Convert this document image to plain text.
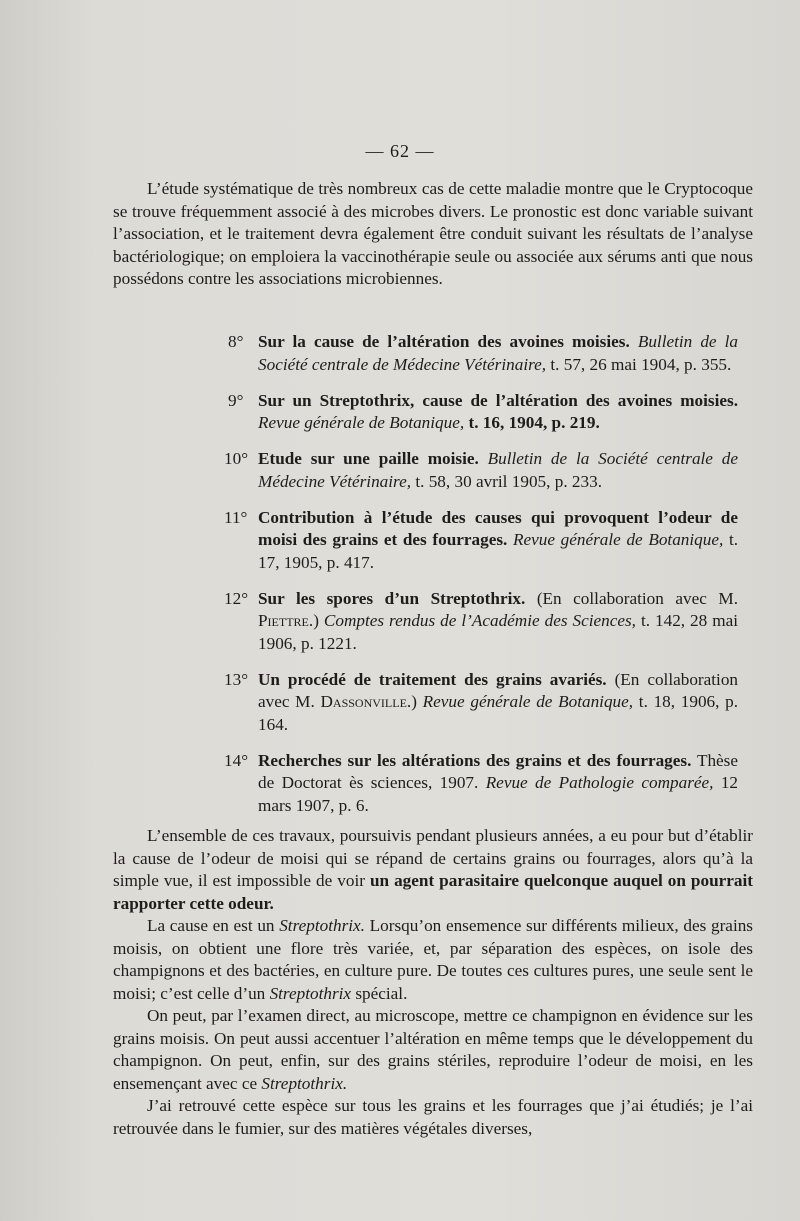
— 62 —

L’étude systématique de très nombreux cas de cette maladie montre que le Cryptocoque se trouve fréquemment associé à des microbes divers. Le pronostic est donc variable suivant l’association, et le traitement devra également être conduit suivant les résultats de l’analyse bactériologique; on emploiera la vaccinothérapie seule ou associée aux sérums anti que nous possédons contre les associations microbiennes.

8° Sur la cause de l’altération des avoines moisies. Bulletin de la Société centrale de Médecine Vétérinaire, t. 57, 26 mai 1904, p. 355.
9° Sur un Streptothrix, cause de l’altération des avoines moisies. Revue générale de Botanique, t. 16, 1904, p. 219.
10° Etude sur une paille moisie. Bulletin de la Société centrale de Médecine Vétérinaire, t. 58, 30 avril 1905, p. 233.
11° Contribution à l’étude des causes qui provoquent l’odeur de moisi des grains et des fourrages. Revue générale de Botanique, t. 17, 1905, p. 417.
12° Sur les spores d’un Streptothrix. (En collaboration avec M. Piettre.) Comptes rendus de l’Académie des Sciences, t. 142, 28 mai 1906, p. 1221.
13° Un procédé de traitement des grains avariés. (En collaboration avec M. Dassonville.) Revue générale de Botanique, t. 18, 1906, p. 164.
14° Recherches sur les altérations des grains et des fourrages. Thèse de Doctorat ès sciences, 1907. Revue de Pathologie comparée, 12 mars 1907, p. 6.

L’ensemble de ces travaux, poursuivis pendant plusieurs années, a eu pour but d’établir la cause de l’odeur de moisi qui se répand de certains grains ou fourrages, alors qu’à la simple vue, il est impossible de voir un agent parasitaire quelconque auquel on pourrait rapporter cette odeur.

La cause en est un Streptothrix. Lorsqu’on ensemence sur différents milieux, des grains moisis, on obtient une flore très variée, et, par séparation des espèces, on isole des champignons et des bactéries, en culture pure. De toutes ces cultures pures, une seule sent le moisi; c’est celle d’un Streptothrix spécial.

On peut, par l’examen direct, au microscope, mettre ce champignon en évidence sur les grains moisis. On peut aussi accentuer l’altération en même temps que le développement du champignon. On peut, enfin, sur des grains stériles, reproduire l’odeur de moisi, en les ensemençant avec ce Streptothrix.

J’ai retrouvé cette espèce sur tous les grains et les fourrages que j’ai étudiés; je l’ai retrouvée dans le fumier, sur des matières végétales diverses,
